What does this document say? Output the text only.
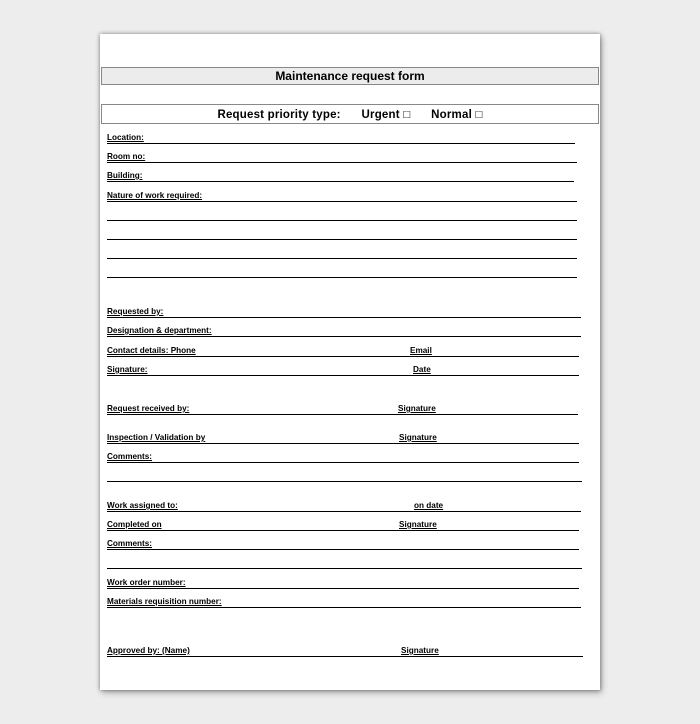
Maintenance request form
Request priority type: Urgent □ Normal □
Location:
Room no:
Building:
Nature of work required:
Requested by:
Designation & department:
Contact details: Phone	Email
Signature:	Date
Request received by:	Signature
Inspection / Validation by	Signature
Comments:
Work assigned to:	on date
Completed on	Signature
Comments:
Work order number:
Materials requisition number:
Approved by: (Name)	Signature
